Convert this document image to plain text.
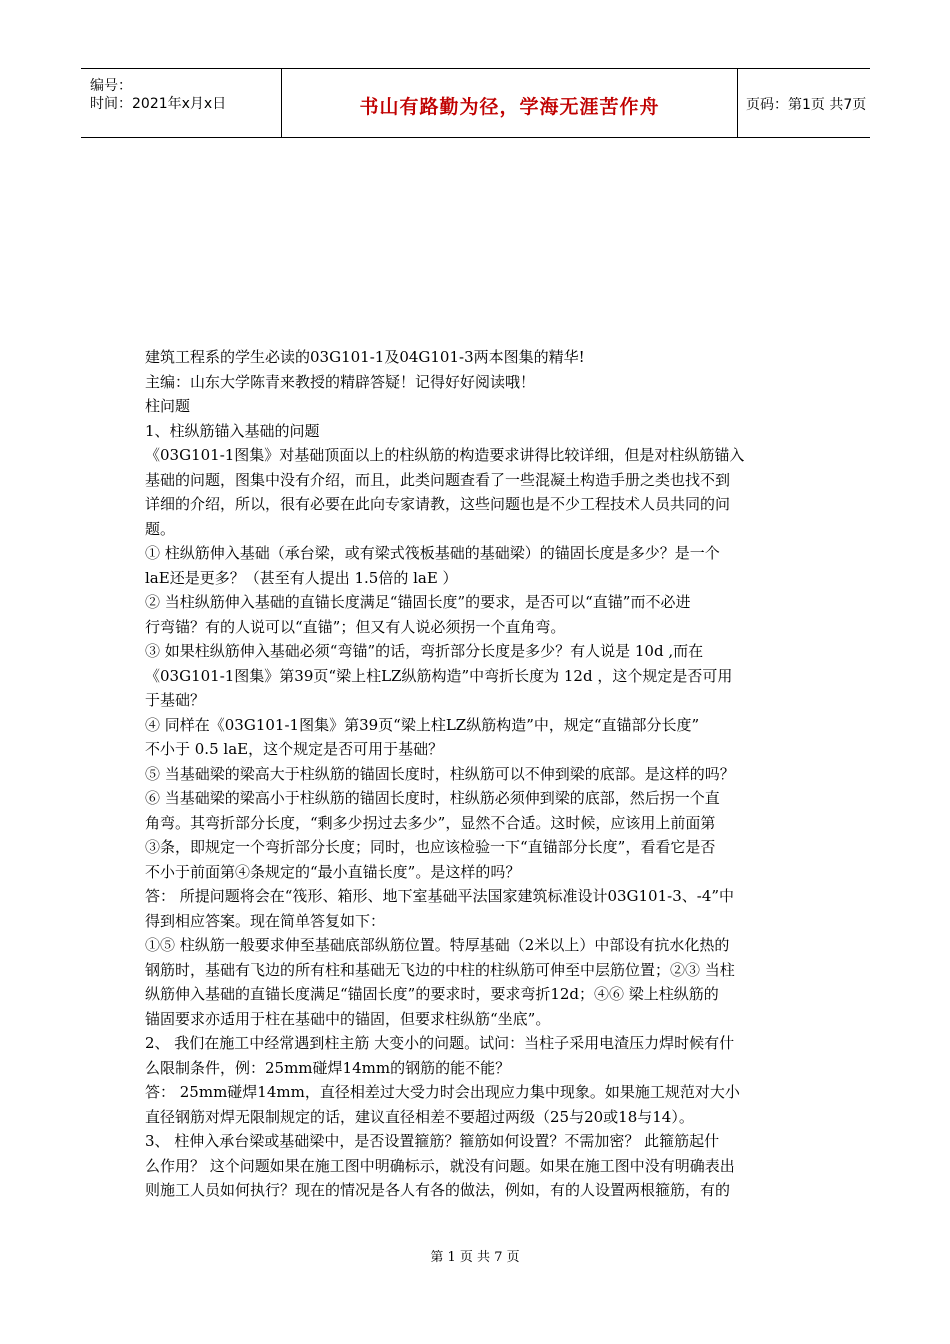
编号：
时间：2021年x月x日	书山有路勤为径，学海无涯苦作舟	页码：第1页 共7页
建筑工程系的学生必读的03G101-1及04G101-3两本图集的精华!
主编：山东大学陈青来教授的精辟答疑！记得好好阅读哦！
柱问题
1、柱纵筋锚入基础的问题
《03G101-1图集》对基础顶面以上的柱纵筋的构造要求讲得比较详细，但是对柱纵筋锚入
基础的问题，图集中没有介绍，而且，此类问题查看了一些混凝土构造手册之类也找不到
详细的介绍，所以，很有必要在此向专家请教，这些问题也是不少工程技术人员共同的问
题。
① 柱纵筋伸入基础（承台梁，或有梁式筏板基础的基础梁）的锚固长度是多少？是一个
laE还是更多？（甚至有人提出 1.5倍的 laE ）
② 当柱纵筋伸入基础的直锚长度满足“锚固长度”的要求，是否可以“直锚”而不必进
行弯锚？有的人说可以“直锚”；但又有人说必须拐一个直角弯。
③ 如果柱纵筋伸入基础必须“弯锚”的话，弯折部分长度是多少？有人说是 10d ,而在
《03G101-1图集》第39页“梁上柱LZ纵筋构造”中弯折长度为 12d ，这个规定是否可用
于基础？
④ 同样在《03G101-1图集》第39页“梁上柱LZ纵筋构造”中，规定“直锚部分长度”
不小于 0.5 laE，这个规定是否可用于基础？
⑤ 当基础梁的梁高大于柱纵筋的锚固长度时，柱纵筋可以不伸到梁的底部。是这样的吗？
⑥ 当基础梁的梁高小于柱纵筋的锚固长度时，柱纵筋必须伸到梁的底部，然后拐一个直
角弯。其弯折部分长度，“剩多少拐过去多少”，显然不合适。这时候，应该用上前面第
③条，即规定一个弯折部分长度；同时，也应该检验一下“直锚部分长度”，看看它是否
不小于前面第④条规定的“最小直锚长度”。是这样的吗？
答： 所提问题将会在“筏形、箱形、地下室基础平法国家建筑标准设计03G101-3、-4”中
得到相应答案。现在简单答复如下：
①⑤ 柱纵筋一般要求伸至基础底部纵筋位置。特厚基础（2米以上）中部设有抗水化热的
钢筋时，基础有飞边的所有柱和基础无飞边的中柱的柱纵筋可伸至中层筋位置；②③ 当柱
纵筋伸入基础的直锚长度满足“锚固长度”的要求时，要求弯折12d；④⑥ 梁上柱纵筋的
锚固要求亦适用于柱在基础中的锚固，但要求柱纵筋“坐底”。
2、 我们在施工中经常遇到柱主筋 大变小的问题。试问：当柱子采用电渣压力焊时候有什
么限制条件，例：25mm碰焊14mm的钢筋的能不能？
答： 25mm碰焊14mm，直径相差过大受力时会出现应力集中现象。如果施工规范对大小
直径钢筋对焊无限制规定的话，建议直径相差不要超过两级（25与20或18与14）。
3、 柱伸入承台梁或基础梁中，是否设置箍筋？箍筋如何设置？不需加密？ 此箍筋起什
么作用？ 这个问题如果在施工图中明确标示，就没有问题。如果在施工图中没有明确表出
则施工人员如何执行？现在的情况是各人有各的做法，例如，有的人设置两根箍筋，有的
第 1 页 共 7 页
